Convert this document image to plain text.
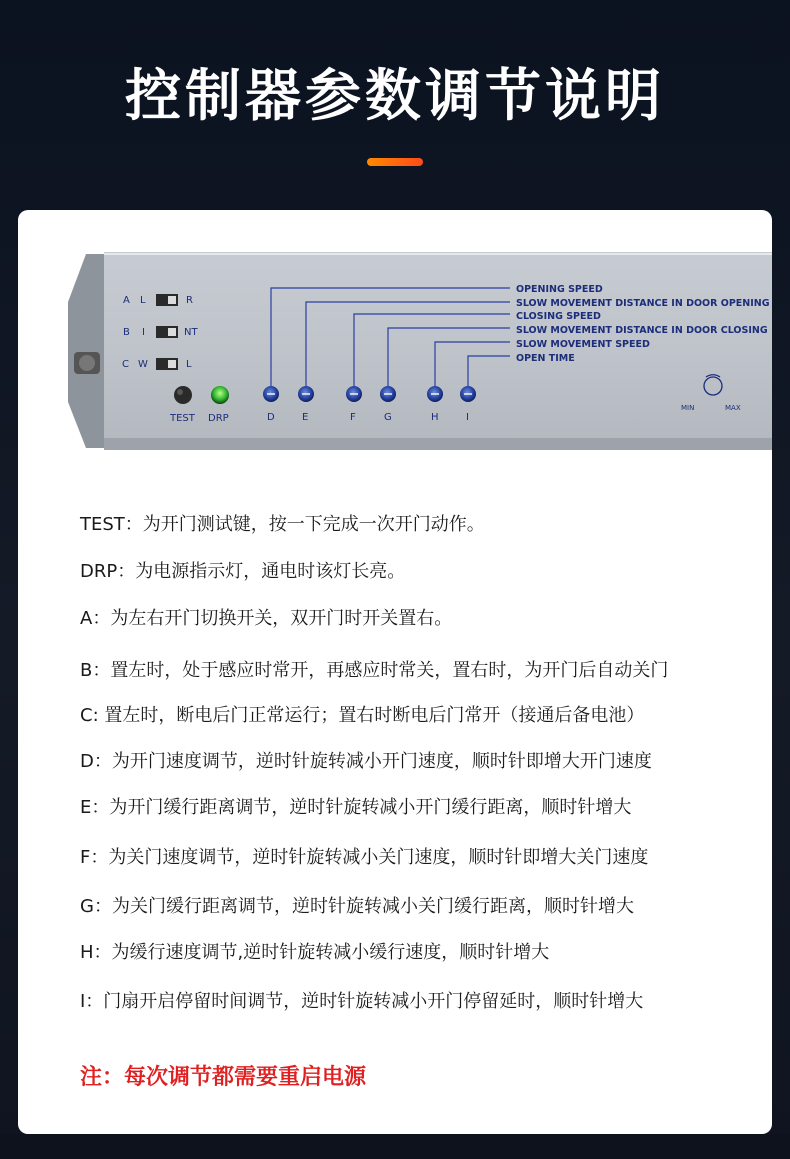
控制器参数调节说明
A L	R
B I	NT
C W	L
TEST DRP
OPENING SPEED
SLOW MOVEMENT DISTANCE IN DOOR OPENING
CLOSING SPEED
SLOW MOVEMENT DISTANCE IN DOOR CLOSING
SLOW MOVEMENT SPEED
OPEN TIME
D	E	F	G	H	I
MIN	MAX
TEST：为开门测试键，按一下完成一次开门动作。
DRP：为电源指示灯，通电时该灯长亮。
A：为左右开门切换开关，双开门时开关置右。
B：置左时，处于感应时常开，再感应时常关，置右时，为开门后自动关门
C: 置左时，断电后门正常运行；置右时断电后门常开（接通后备电池）
D：为开门速度调节，逆时针旋转减小开门速度，顺时针即增大开门速度
E：为开门缓行距离调节，逆时针旋转减小开门缓行距离，顺时针增大
F：为关门速度调节，逆时针旋转减小关门速度，顺时针即增大关门速度
G：为关门缓行距离调节，逆时针旋转减小关门缓行距离，顺时针增大
H：为缓行速度调节,逆时针旋转减小缓行速度，顺时针增大
I：门扇开启停留时间调节，逆时针旋转减小开门停留延时，顺时针增大
注：每次调节都需要重启电源
